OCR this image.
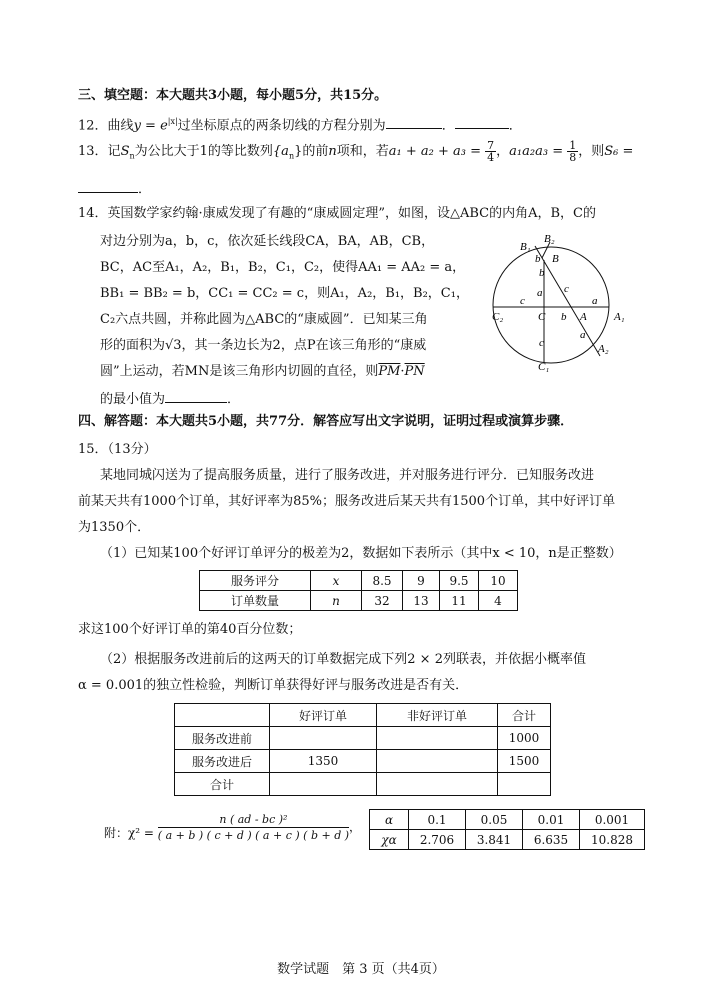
三、填空题：本大题共3小题，每小题5分，共15分。
12．曲线$y = e^{|x|}$过坐标原点的两条切线的方程分别为	．	．
13．记$S_n$为公比大于1的等比数列$\{a_n\}$的前n项和，若$a_1 + a_2 + a_3 = \frac{7}{4}$ ，$a_1a_2a_3 = \frac{1}{8}$ ，则S₆ =
．
14．英国数学家约翰·康威发现了有趣的“康威圆定理”，如图，设△ABC的内角A，B，C的
对边分别为a，b，c，依次延长线段CA，BA，AB，CB，
BC，AC至A₁，A₂，B₁，B₂，C₁，C₂，使得AA₁ = AA₂ = a，
BB₁ = BB₂ = b，CC₁ = CC₂ = c，则A₁，A₂，B₁，B₂，C₁，
C₂六点共圆，并称此圆为△ABC的“康威圆”．已知某三角
形的面积为√3，其一条边长为2，点P在该三角形的“康威
圆”上运动，若MN是该三角形内切圆的直径，则$\overline{PM}\cdot\overline{PN}$
的最小值为	．
B₁
B₂
B
b
b
a c
C₂
c
C b A
a
A₁
a
A₂
c
C₁
四、解答题：本大题共5小题，共77分．解答应写出文字说明，证明过程或演算步骤．
15．（13分）
某地同城闪送为了提高服务质量，进行了服务改进，并对服务进行评分．已知服务改进
前某天共有1000个订单，其好评率为85%；服务改进后某天共有1500个订单，其中好评订单
为1350个．
（1）已知某100个好评订单评分的极差为2，数据如下表所示（其中x < 10，n是正整数）
服务评分	x	8.5	9	9.5	10
订单数量	n	32	13	11	4
求这100个好评订单的第40百分位数；
（2）根据服务改进前后的这两天的订单数据完成下列2 × 2列联表，并依据小概率值
α = 0.001的独立性检验，判断订单获得好评与服务改进是否有关．
	好评订单	非好评订单	合计
服务改进前			1000
服务改进后	1350		1500
合计			
附：$\chi^2 = \frac{\text{n ( ad - bc )²}}{( a + b ) ( c + d ) ( a + c ) ( b + d )}$ ，
α	0.1	0.05	0.01	0.001
χα	2.706	3.841	6.635	10.828
数学试题　第 3 页（共4页）
